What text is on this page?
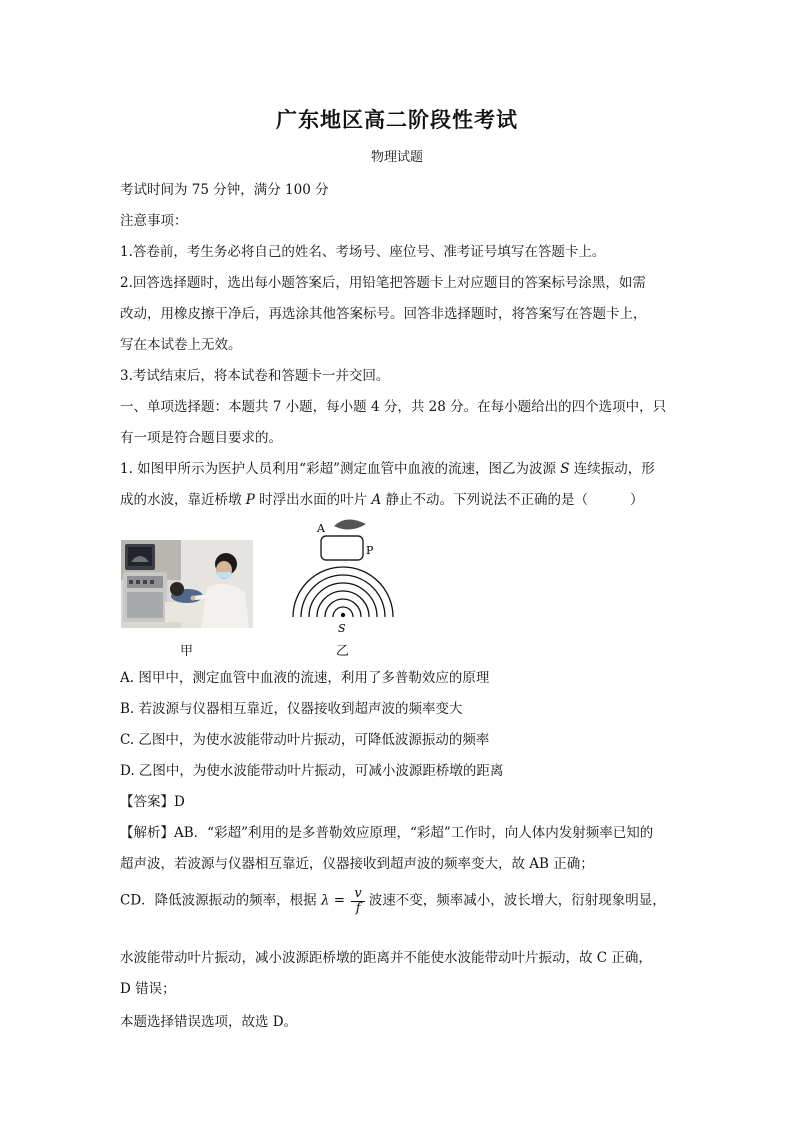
广东地区高二阶段性考试
物理试题
考试时间为 75 分钟，满分 100 分
注意事项：
1.答卷前，考生务必将自己的姓名、考场号、座位号、准考证号填写在答题卡上。
2.回答选择题时，选出每小题答案后，用铅笔把答题卡上对应题目的答案标号涂黑，如需
改动，用橡皮擦干净后，再选涂其他答案标号。回答非选择题时，将答案写在答题卡上，
写在本试卷上无效。
3.考试结束后，将本试卷和答题卡一并交回。
一、单项选择题：本题共 7 小题，每小题 4 分，共 28 分。在每小题给出的四个选项中，只
有一项是符合题目要求的。
1. 如图甲所示为医护人员利用“彩超”测定血管中血液的流速，图乙为波源 S 连续振动，形
成的水波，靠近桥墩 P 时浮出水面的叶片 A 静止不动。下列说法不正确的是（	）
甲
A
P
S
乙
A. 图甲中，测定血管中血液的流速，利用了多普勒效应的原理
B. 若波源与仪器相互靠近，仪器接收到超声波的频率变大
C. 乙图中，为使水波能带动叶片振动，可降低波源振动的频率
D. 乙图中，为使水波能带动叶片振动，可减小波源距桥墩的距离
【答案】D
【解析】AB．“彩超”利用的是多普勒效应原理，“彩超”工作时，向人体内发射频率已知的
超声波，若波源与仪器相互靠近，仪器接收到超声波的频率变大，故 AB 正确；
CD．降低波源振动的频率，根据 $\lambda = \frac{v}{f}$ 波速不变，频率减小，波长增大，衍射现象明显，
水波能带动叶片振动，减小波源距桥墩的距离并不能使水波能带动叶片振动，故 C 正确，
D 错误；
本题选择错误选项，故选 D。
